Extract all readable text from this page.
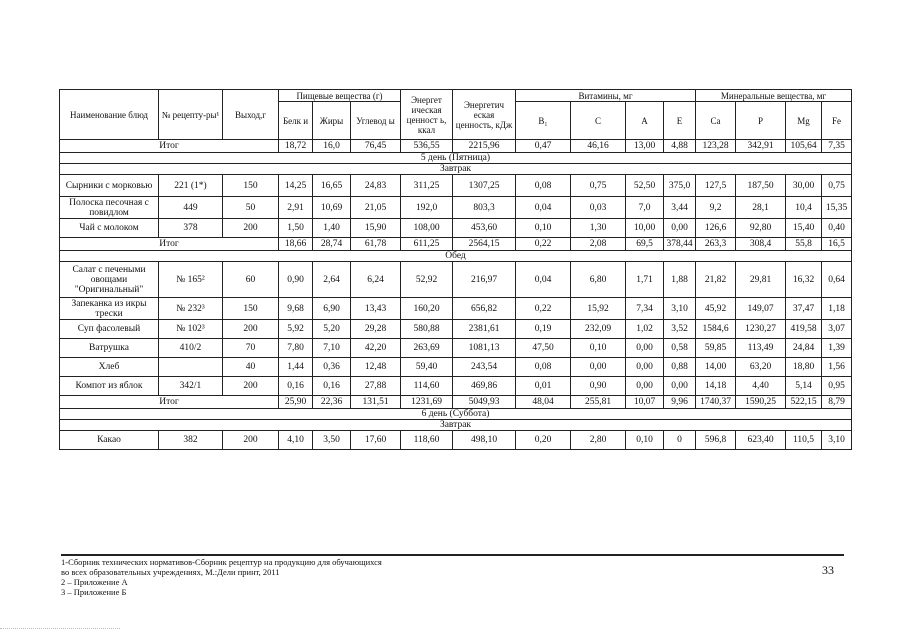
Наименование блюд	№ рецепту-ры¹	Выход,г	Пищевые вещества (г)			Энергет ическая ценност ь, ккал	Энергетич еская ценность, кДж	Витамины, мг				Минеральные вещества, мг			
			Белк и	Жиры	Углевод ы			В₁	С	А	Е	Са	Р	Mg	Fe
Итог			18,72	16,0	76,45	536,55	2215,96	0,47	46,16	13,00	4,88	123,28	342,91	105,64	7,35
5 день (Пятница)															
Завтрак															
Сырники с морковью	221 (1*)	150	14,25	16,65	24,83	311,25	1307,25	0,08	0,75	52,50	375,0	127,5	187,50	30,00	0,75
Полоска песочная с повидлом	449	50	2,91	10,69	21,05	192,0	803,3	0,04	0,03	7,0	3,44	9,2	28,1	10,4	15,35
Чай с молоком	378	200	1,50	1,40	15,90	108,00	453,60	0,10	1,30	10,00	0,00	126,6	92,80	15,40	0,40
Итог			18,66	28,74	61,78	611,25	2564,15	0,22	2,08	69,5	378,44	263,3	308,4	55,8	16,5
Обед															
Салат с печеными овощами "Оригинальный"	№ 165²	60	0,90	2,64	6,24	52,92	216,97	0,04	6,80	1,71	1,88	21,82	29,81	16,32	0,64
Запеканка из икры трески	№ 232³	150	9,68	6,90	13,43	160,20	656,82	0,22	15,92	7,34	3,10	45,92	149,07	37,47	1,18
Суп фасолевый	№ 102³	200	5,92	5,20	29,28	580,88	2381,61	0,19	232,09	1,02	3,52	1584,6	1230,27	419,58	3,07
Ватрушка	410/2	70	7,80	7,10	42,20	263,69	1081,13	47,50	0,10	0,00	0,58	59,85	113,49	24,84	1,39
Хлеб		40	1,44	0,36	12,48	59,40	243,54	0,08	0,00	0,00	0,88	14,00	63,20	18,80	1,56
Компот из яблок	342/1	200	0,16	0,16	27,88	114,60	469,86	0,01	0,90	0,00	0,00	14,18	4,40	5,14	0,95
Итог			25,90	22,36	131,51	1231,69	5049,93	48,04	255,81	10,07	9,96	1740,37	1590,25	522,15	8,79
6 день (Суббота)															
Завтрак															
Какао	382	200	4,10	3,50	17,60	118,60	498,10	0,20	2,80	0,10	0	596,8	623,40	110,5	3,10
1-Сборник технических нормативов-Сборник рецептур на продукцию для обучающихся
во всех образовательных учреждениях, М.:Дели принт, 2011
2 – Приложение А
3 – Приложение Б
33
